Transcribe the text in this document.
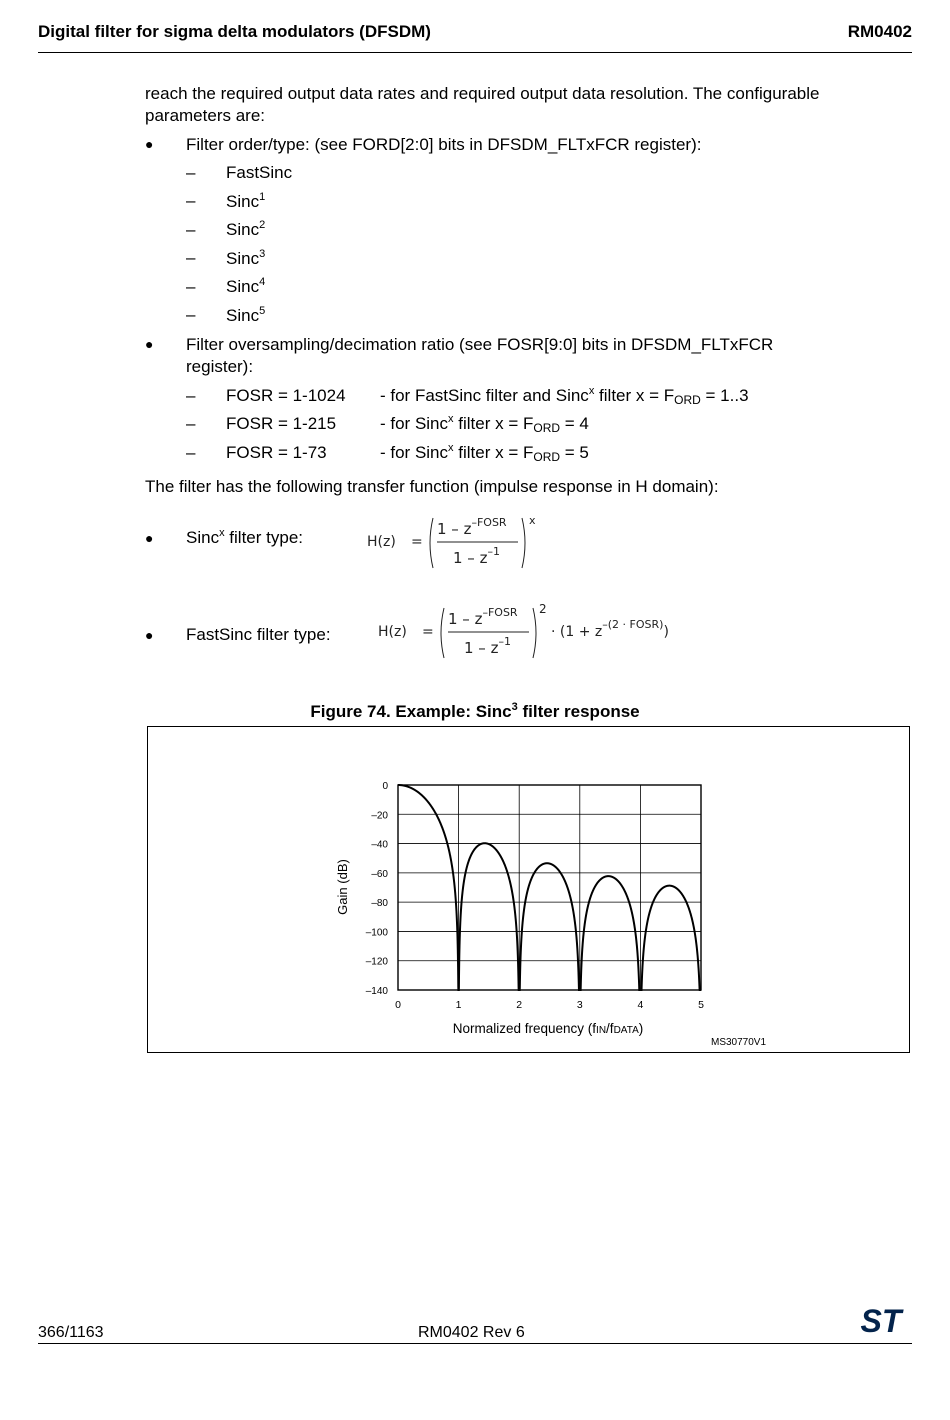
Digital filter for sigma delta modulators (DFSDM)	RM0402
reach the required output data rates and required output data resolution. The configurable
parameters are:
● Filter order/type: (see FORD[2:0] bits in DFSDM_FLTxFCR register):
– FastSinc
– Sinc$^1$
– Sinc$^2$
– Sinc$^3$
– Sinc$^4$
– Sinc$^5$
● Filter oversampling/decimation ratio (see FOSR[9:0] bits in DFSDM_FLTxFCR
register):
– FOSR = 1-1024 - for FastSinc filter and Sinc$^x$ filter $x = F_{ORD} = 1..3$
– FOSR = 1-215	- for Sinc$^x$ filter $x = F_{ORD} = 4$
– FOSR = 1-73	- for Sinc$^x$ filter $x = F_{ORD} = 5$
The filter has the following transfer function (impulse response in H domain):
● Sinc$^x$ filter type:	H(z) =
$1 - z^{-FOSR}$
$1 - z^{-1}$
x
● FastSinc filter type:	H(z) =
$1 - z^{-FOSR}$
$1 - z^{-1}$
2
· $(1 + z^{-(2 \cdot FOSR)})$
Figure 74. Example: Sinc$^3$ filter response
0
–20
–40
–60
–80
–100
–120
–140
0	1	2	3	4	5
Gain (dB)
Normalized frequency (fIN/fDATA)
MS30770V1
366/1163	RM0402 Rev 6	ST
